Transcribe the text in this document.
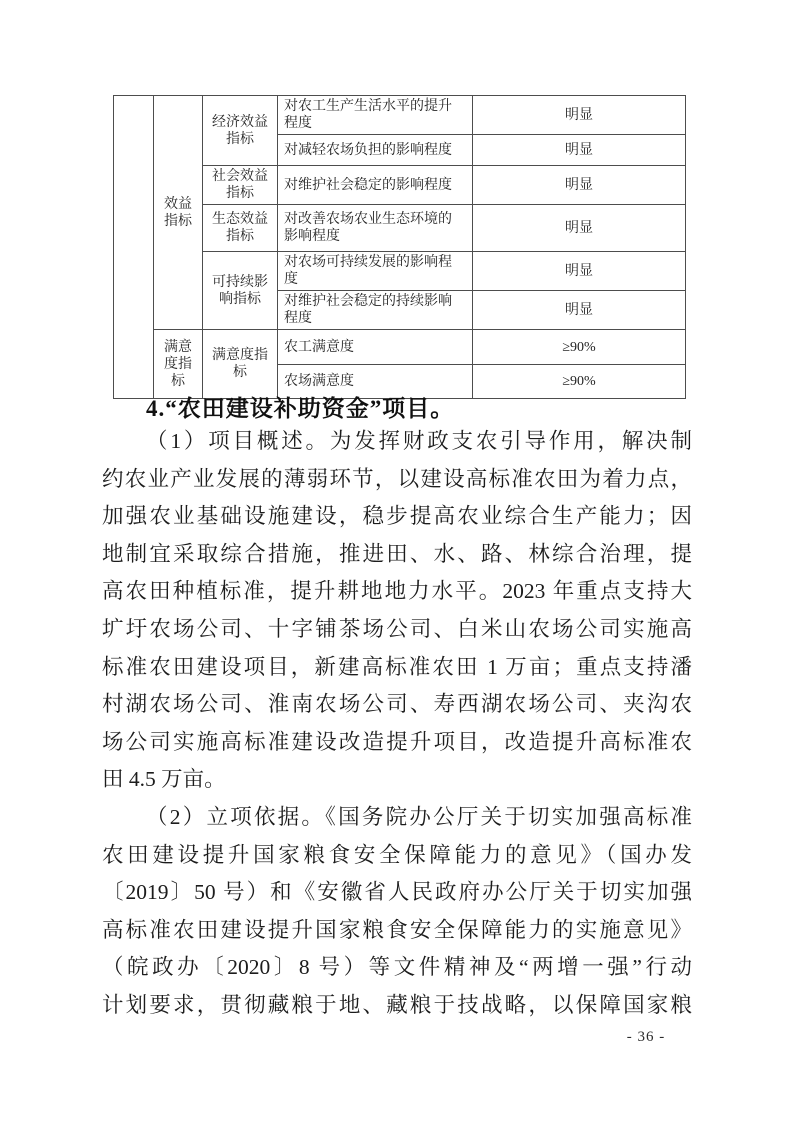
	效益指标	经济效益指标	对农工生产生活水平的提升程度	明显
			对减轻农场负担的影响程度	明显
		社会效益指标	对维护社会稳定的影响程度	明显
		生态效益指标	对改善农场农业生态环境的影响程度	明显
		可持续影响指标	对农场可持续发展的影响程度	明显
			对维护社会稳定的持续影响程度	明显
	满意度指标	满意度指标	农工满意度	≥90%
			农场满意度	≥90%
4.“农田建设补助资金”项目。
（1）项目概述。为发挥财政支农引导作用，解决制
约农业产业发展的薄弱环节，以建设高标准农田为着力点，
加强农业基础设施建设，稳步提高农业综合生产能力；因
地制宜采取综合措施，推进田、水、路、林综合治理，提
高农田种植标准，提升耕地地力水平。2023 年重点支持大
圹圩农场公司、十字铺茶场公司、白米山农场公司实施高
标准农田建设项目，新建高标准农田 1 万亩；重点支持潘
村湖农场公司、淮南农场公司、寿西湖农场公司、夹沟农
场公司实施高标准建设改造提升项目，改造提升高标准农
田 4.5 万亩。
（2）立项依据。《国务院办公厅关于切实加强高标准
农田建设提升国家粮食安全保障能力的意见》（国办发
〔2019〕50 号）和《安徽省人民政府办公厅关于切实加强
高标准农田建设提升国家粮食安全保障能力的实施意见》
（皖政办〔2020〕8 号）等文件精神及“两增一强”行动
计划要求，贯彻藏粮于地、藏粮于技战略，以保障国家粮
- 36 -
